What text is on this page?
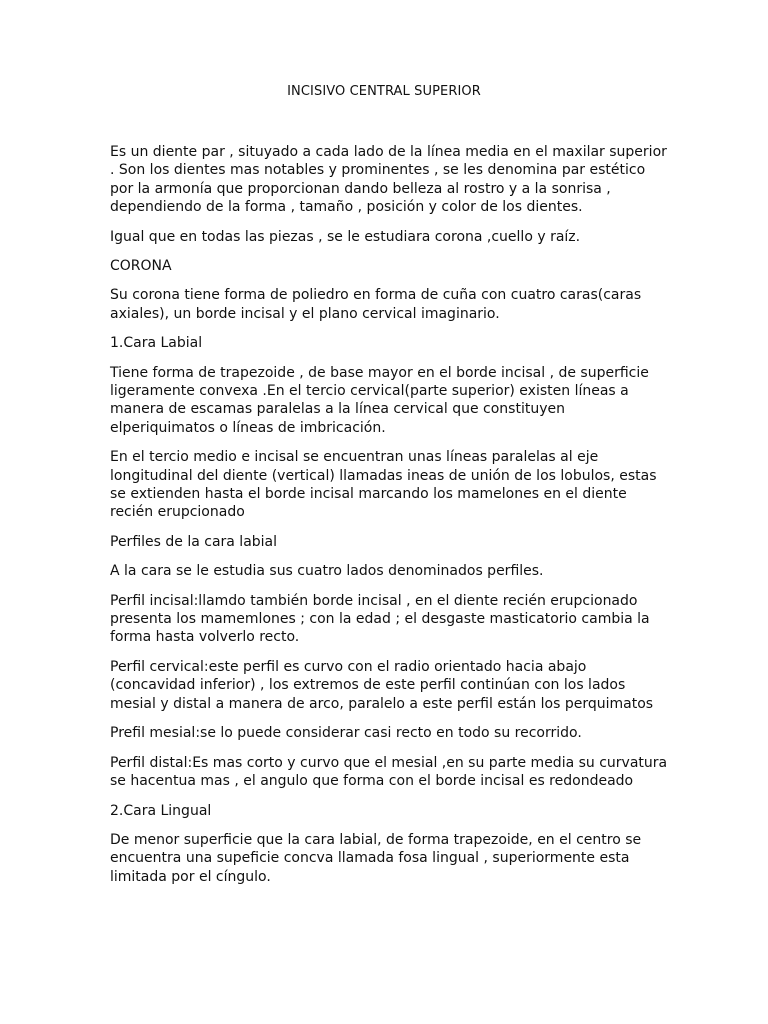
INCISIVO CENTRAL SUPERIOR

Es un diente par , situyado a cada lado de la línea media en el maxilar superior . Son los dientes mas notables y prominentes , se les denomina par estético por la armonía que proporcionan dando belleza al rostro y a la sonrisa , dependiendo de la forma , tamaño , posición y color de los dientes.

Igual que en todas las piezas , se le estudiara corona ,cuello y raíz.

CORONA

Su corona tiene forma de poliedro en forma de cuña con cuatro caras(caras axiales), un borde incisal y el plano cervical imaginario.

1.Cara Labial

Tiene forma de trapezoide , de base mayor en el borde incisal , de superficie ligeramente convexa .En el tercio cervical(parte superior) existen líneas a manera de escamas paralelas a la línea cervical que constituyen elperiquimatos o líneas de imbricación.

En el tercio medio e incisal se encuentran unas líneas paralelas al eje longitudinal del diente (vertical) llamadas ineas de unión de los lobulos, estas se extienden hasta el borde incisal marcando los mamelones en el diente recién erupcionado

Perfiles de la cara labial

A la cara se le estudia sus cuatro lados denominados perfiles.

Perfil incisal:llamdo también borde incisal , en el diente recién erupcionado presenta los mamemlones ; con la edad ; el desgaste masticatorio cambia la forma hasta volverlo recto.

Perfil cervical:este perfil es curvo con el radio orientado hacia abajo (concavidad inferior) , los extremos de este perfil continúan con los lados mesial y distal a manera de arco, paralelo a este perfil están los perquimatos

Prefil mesial:se lo puede considerar casi recto en todo su recorrido.

Perfil distal:Es mas corto y curvo que el mesial ,en su parte media su curvatura se hacentua mas , el angulo que forma con el borde incisal es redondeado

2.Cara Lingual

De menor superficie que la cara labial, de forma trapezoide, en el centro se encuentra una supeficie concva llamada fosa lingual , superiormente esta limitada por el cíngulo.
